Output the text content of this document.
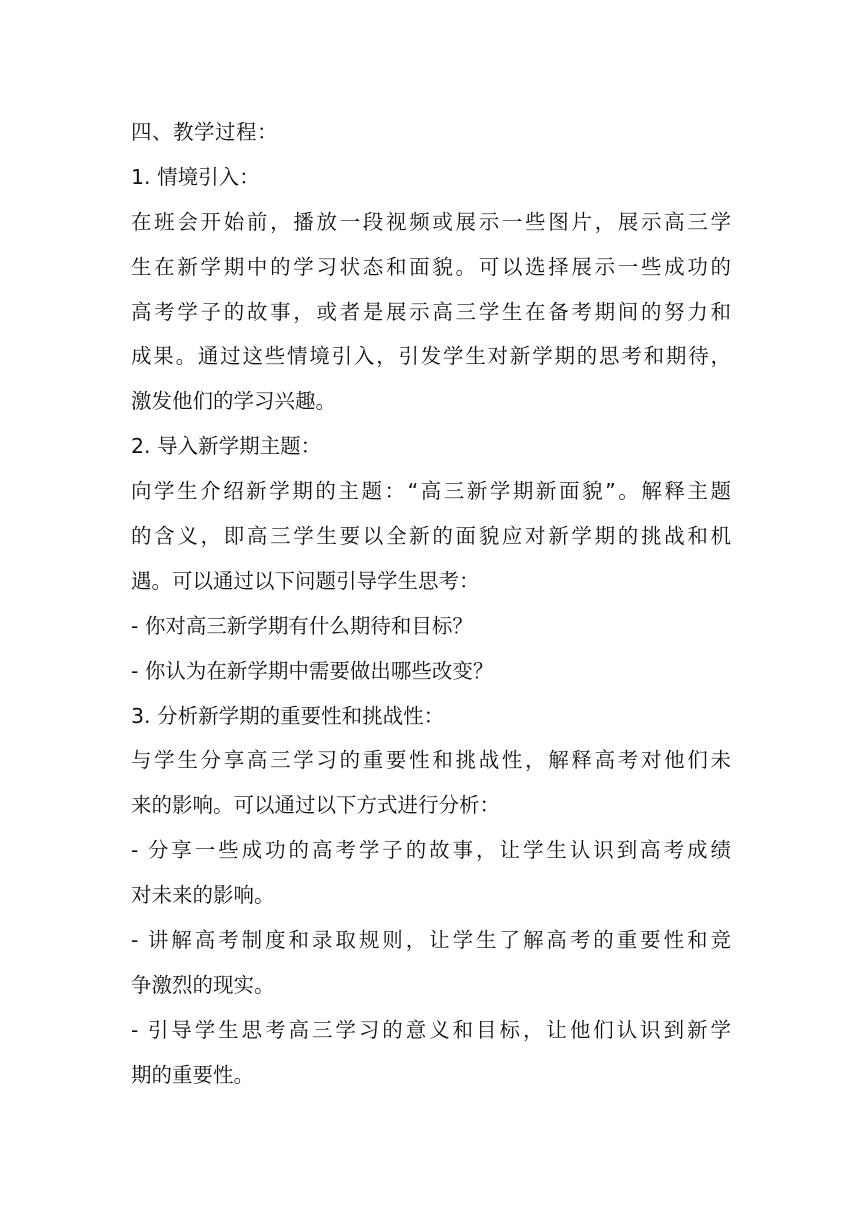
四、教学过程：
1. 情境引入：
在班会开始前，播放一段视频或展示一些图片，展示高三学
生在新学期中的学习状态和面貌。可以选择展示一些成功的
高考学子的故事，或者是展示高三学生在备考期间的努力和
成果。通过这些情境引入，引发学生对新学期的思考和期待，
激发他们的学习兴趣。
2. 导入新学期主题：
向学生介绍新学期的主题：“高三新学期新面貌”。解释主题
的含义，即高三学生要以全新的面貌应对新学期的挑战和机
遇。可以通过以下问题引导学生思考：
- 你对高三新学期有什么期待和目标？
- 你认为在新学期中需要做出哪些改变？
3. 分析新学期的重要性和挑战性：
与学生分享高三学习的重要性和挑战性，解释高考对他们未
来的影响。可以通过以下方式进行分析：
- 分享一些成功的高考学子的故事，让学生认识到高考成绩
对未来的影响。
- 讲解高考制度和录取规则，让学生了解高考的重要性和竞
争激烈的现实。
- 引导学生思考高三学习的意义和目标，让他们认识到新学
期的重要性。
